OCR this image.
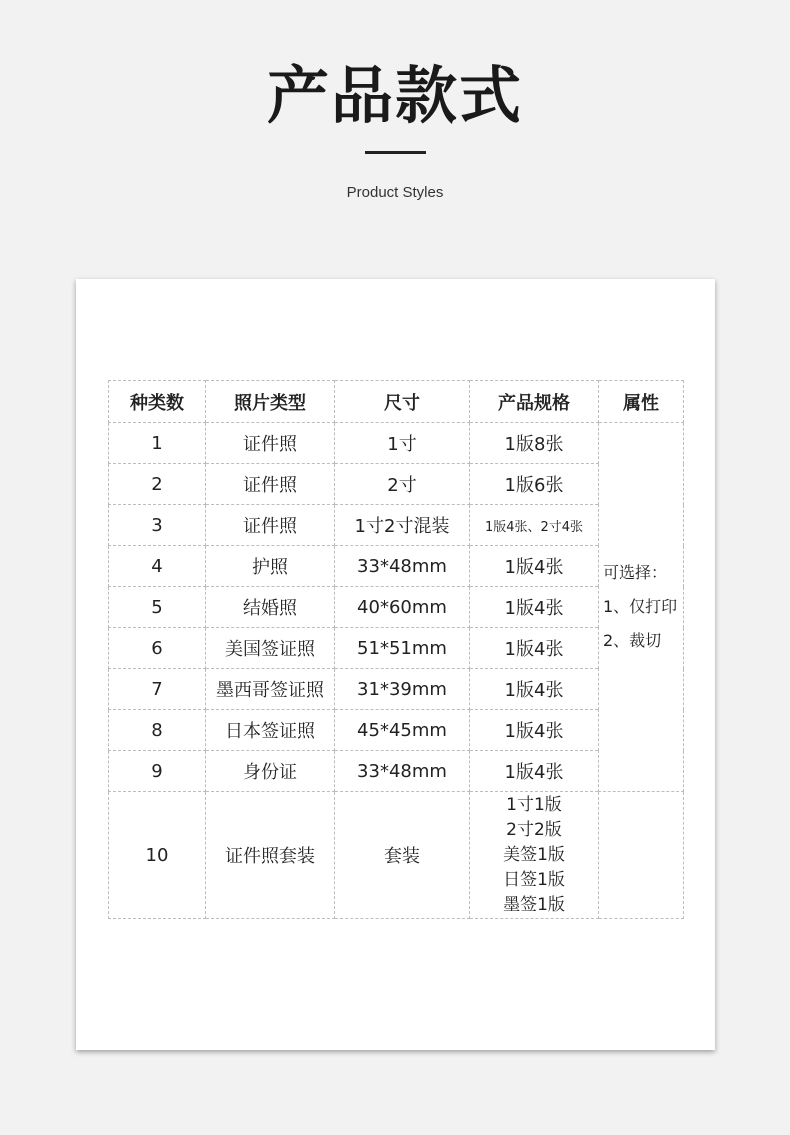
产品款式
Product Styles
种类数	照片类型	尺寸	产品规格	属性
1	证件照	1寸	1版8张	可选择：
1、仅打印
2、裁切

2	证件照	2寸	1版6张	
3	证件照	1寸2寸混装	1版4张、2寸4张	
4	护照	33*48mm	1版4张	
5	结婚照	40*60mm	1版4张	
6	美国签证照	51*51mm	1版4张	
7	墨西哥签证照	31*39mm	1版4张	
8	日本签证照	45*45mm	1版4张	
9	身份证	33*48mm	1版4张	
10	证件照套装	套装	1寸1版
2寸2版
美签1版
日签1版
墨签1版	
